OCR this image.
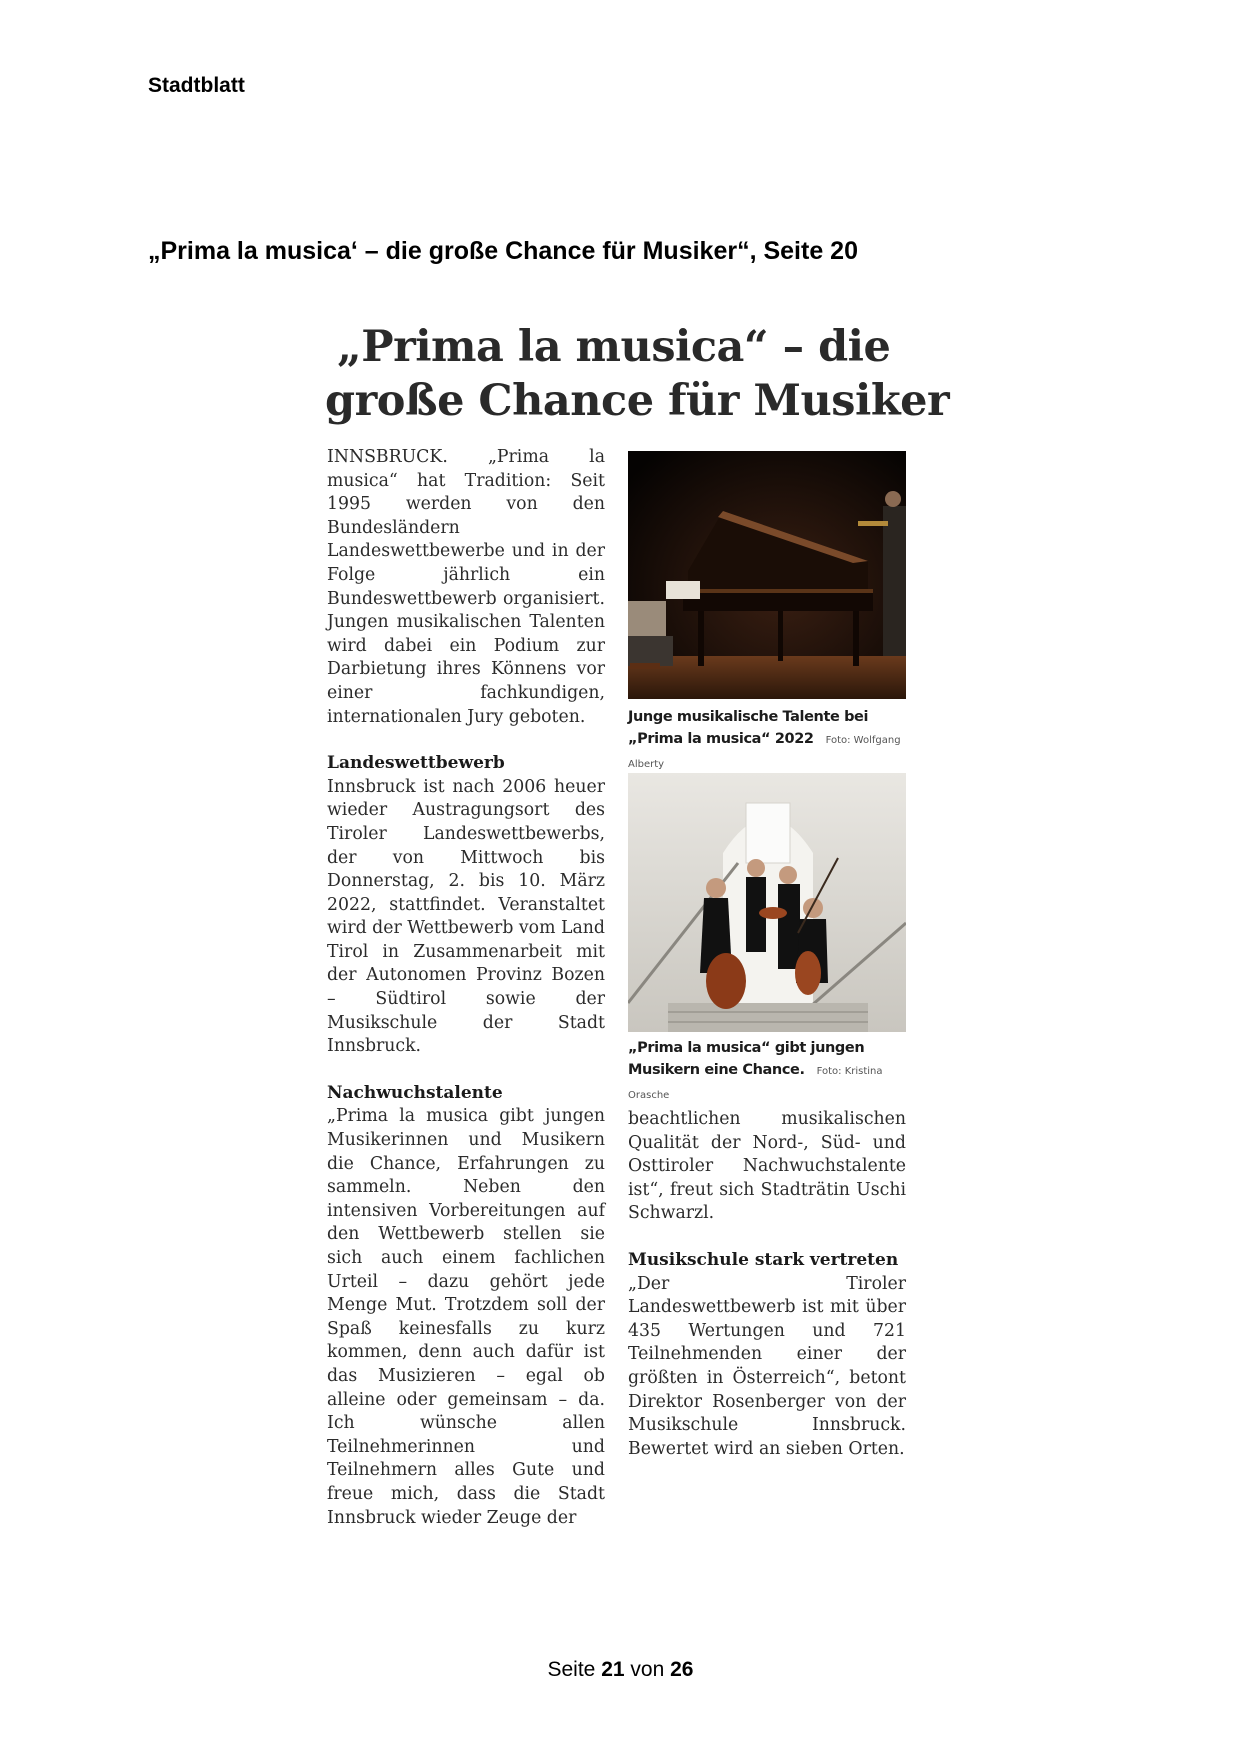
Stadtblatt
„Prima la musica‘ – die große Chance für Musiker“, Seite 20
„Prima la musica“ – die
große Chance für Musiker

INNSBRUCK. „Prima la musica“ hat Tradition: Seit 1995 werden von den Bundesländern Landeswettbewerbe und in der Folge jährlich ein Bundeswettbewerb organisiert. Jungen musikalischen Talenten wird dabei ein Podium zur Darbietung ihres Könnens vor einer fachkundigen, internationalen Jury geboten.

Landeswettbewerb

Innsbruck ist nach 2006 heuer wieder Austragungsort des Tiroler Landeswettbewerbs, der von Mittwoch bis Donnerstag, 2. bis 10. März 2022, stattfindet. Veranstaltet wird der Wettbewerb vom Land Tirol in Zusammenarbeit mit der Autonomen Provinz Bozen – Südtirol sowie der Musikschule der Stadt Innsbruck.

Nachwuchstalente

„Prima la musica gibt jungen Musikerinnen und Musikern die Chance, Erfahrungen zu sammeln. Neben den intensiven Vorbereitungen auf den Wettbewerb stellen sie sich auch einem fachlichen Urteil – dazu gehört jede Menge Mut. Trotzdem soll der Spaß keinesfalls zu kurz kommen, denn auch dafür ist das Musizieren – egal ob alleine oder gemeinsam – da. Ich wünsche allen Teilnehmerinnen und Teilnehmern alles Gute und freue mich, dass die Stadt Innsbruck wieder Zeuge der

Junge musikalische Talente bei „Prima la musica“ 2022 Foto: Wolfgang Alberty
„Prima la musica“ gibt jungen Musikern eine Chance. Foto: Kristina Orasche

beachtlichen musikalischen Qualität der Nord-, Süd- und Osttiroler Nachwuchstalente ist“, freut sich Stadträtin Uschi Schwarzl.

Musikschule stark vertreten

„Der Tiroler Landeswettbewerb ist mit über 435 Wertungen und 721 Teilnehmenden einer der größten in Österreich“, betont Direktor Rosenberger von der Musikschule Innsbruck. Bewertet wird an sieben Orten.

Seite 21 von 26
